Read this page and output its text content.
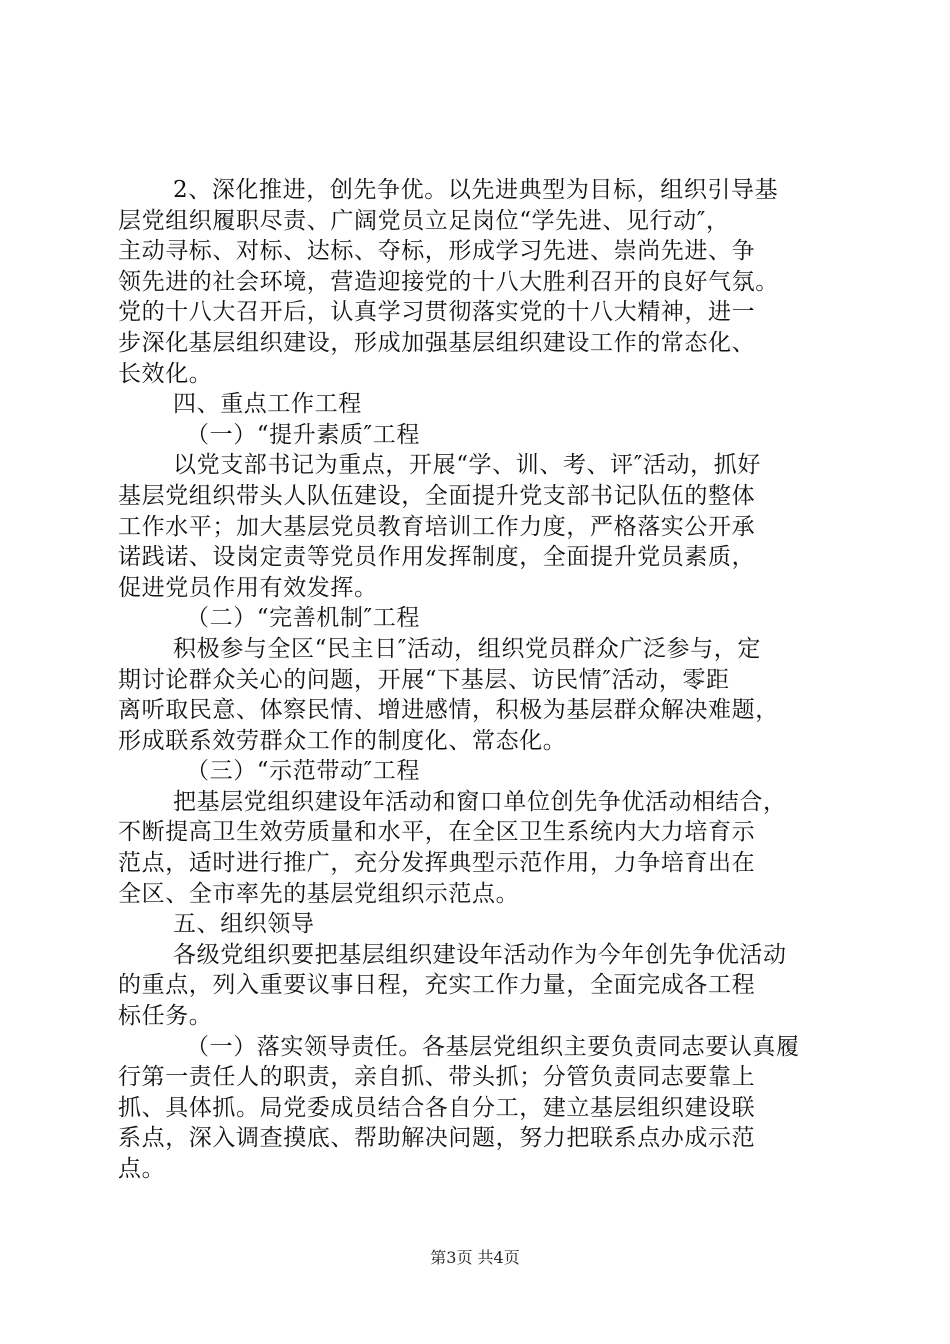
2、深化推进，创先争优。以先进典型为目标，组织引导基
层党组织履职尽责、广阔党员立足岗位“学先进、见行动″，
主动寻标、对标、达标、夺标，形成学习先进、崇尚先进、争
领先进的社会环境，营造迎接党的十八大胜利召开的良好气氛。
党的十八大召开后，认真学习贯彻落实党的十八大精神，进一
步深化基层组织建设，形成加强基层组织建设工作的常态化、
长效化。
四、重点工作工程
（一）“提升素质″工程
以党支部书记为重点，开展“学、训、考、评″活动，抓好
基层党组织带头人队伍建设，全面提升党支部书记队伍的整体
工作水平；加大基层党员教育培训工作力度，严格落实公开承
诺践诺、设岗定责等党员作用发挥制度，全面提升党员素质，
促进党员作用有效发挥。
（二）“完善机制″工程
积极参与全区“民主日″活动，组织党员群众广泛参与，定
期讨论群众关心的问题，开展“下基层、访民情″活动，零距
离听取民意、体察民情、增进感情，积极为基层群众解决难题，
形成联系效劳群众工作的制度化、常态化。
（三）“示范带动″工程
把基层党组织建设年活动和窗口单位创先争优活动相结合，
不断提高卫生效劳质量和水平，在全区卫生系统内大力培育示
范点，适时进行推广，充分发挥典型示范作用，力争培育出在
全区、全市率先的基层党组织示范点。
五、组织领导
各级党组织要把基层组织建设年活动作为今年创先争优活动
的重点，列入重要议事日程，充实工作力量，全面完成各工程
标任务。
（一）落实领导责任。各基层党组织主要负责同志要认真履
行第一责任人的职责，亲自抓、带头抓；分管负责同志要靠上
抓、具体抓。局党委成员结合各自分工，建立基层组织建设联
系点，深入调查摸底、帮助解决问题，努力把联系点办成示范
点。
第3页 共4页
